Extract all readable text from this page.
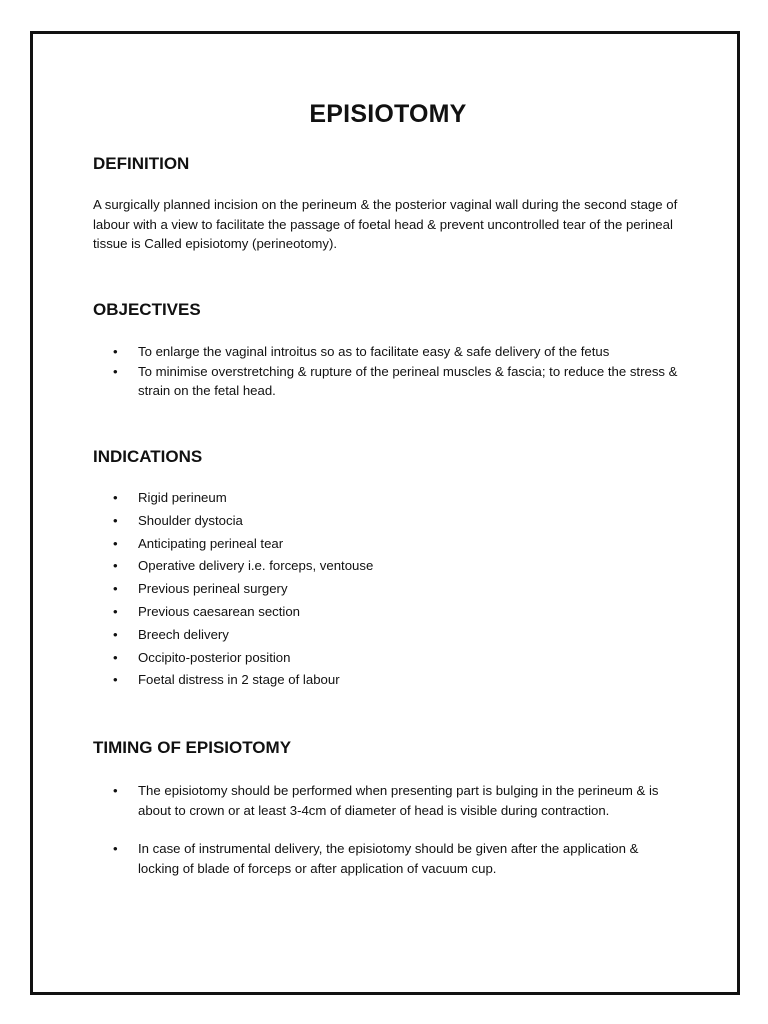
EPISIOTOMY
DEFINITION

A surgically planned incision on the perineum & the posterior vaginal wall during the second stage of labour with a view to facilitate the passage of foetal head & prevent uncontrolled tear of the perineal tissue is Called episiotomy (perineotomy).

OBJECTIVES
• To enlarge the vaginal introitus so as to facilitate easy & safe delivery of the fetus
• To minimise overstretching & rupture of the perineal muscles & fascia; to reduce the stress & strain on the fetal head.
INDICATIONS
• Rigid perineum
• Shoulder dystocia
• Anticipating perineal tear
• Operative delivery i.e. forceps, ventouse
• Previous perineal surgery
• Previous caesarean section
• Breech delivery
• Occipito-posterior position
• Foetal distress in 2 stage of labour
TIMING OF EPISIOTOMY
• The episiotomy should be performed when presenting part is bulging in the perineum & is about to crown or at least 3-4cm of diameter of head is visible during contraction.
• In case of instrumental delivery, the episiotomy should be given after the application & locking of blade of forceps or after application of vacuum cup.
